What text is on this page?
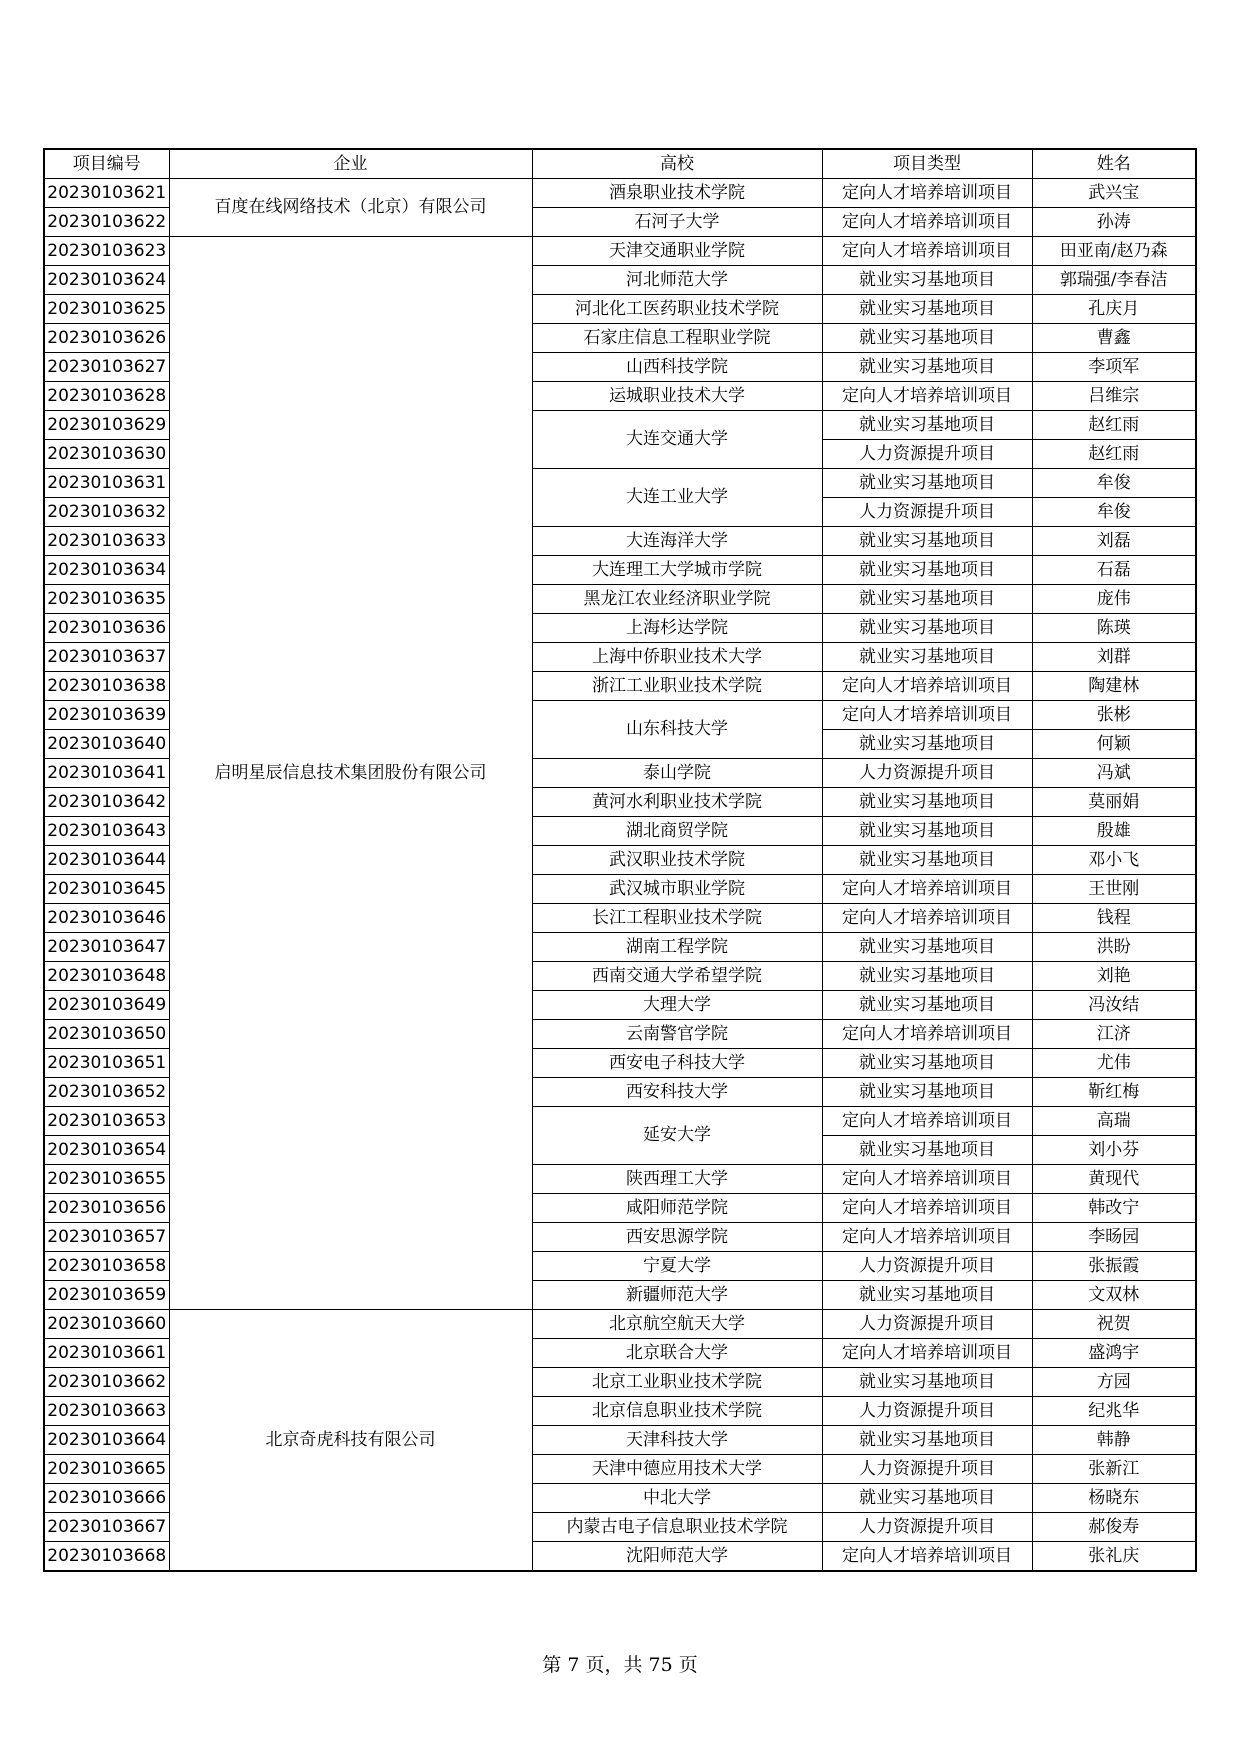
项目编号	企业	高校	项目类型	姓名
20230103621	百度在线网络技术（北京）有限公司	酒泉职业技术学院	定向人才培养培训项目	武兴宝
20230103622		石河子大学	定向人才培养培训项目	孙涛
20230103623	启明星辰信息技术集团股份有限公司	天津交通职业学院	定向人才培养培训项目	田亚南/赵乃森
20230103624		河北师范大学	就业实习基地项目	郭瑞强/李春洁
20230103625		河北化工医药职业技术学院	就业实习基地项目	孔庆月
20230103626		石家庄信息工程职业学院	就业实习基地项目	曹鑫
20230103627		山西科技学院	就业实习基地项目	李项军
20230103628		运城职业技术大学	定向人才培养培训项目	吕维宗
20230103629		大连交通大学	就业实习基地项目	赵红雨
20230103630			人力资源提升项目	赵红雨
20230103631		大连工业大学	就业实习基地项目	牟俊
20230103632			人力资源提升项目	牟俊
20230103633		大连海洋大学	就业实习基地项目	刘磊
20230103634		大连理工大学城市学院	就业实习基地项目	石磊
20230103635		黑龙江农业经济职业学院	就业实习基地项目	庞伟
20230103636		上海杉达学院	就业实习基地项目	陈瑛
20230103637		上海中侨职业技术大学	就业实习基地项目	刘群
20230103638		浙江工业职业技术学院	定向人才培养培训项目	陶建林
20230103639		山东科技大学	定向人才培养培训项目	张彬
20230103640			就业实习基地项目	何颖
20230103641		泰山学院	人力资源提升项目	冯斌
20230103642		黄河水利职业技术学院	就业实习基地项目	莫丽娟
20230103643		湖北商贸学院	就业实习基地项目	殷雄
20230103644		武汉职业技术学院	就业实习基地项目	邓小飞
20230103645		武汉城市职业学院	定向人才培养培训项目	王世刚
20230103646		长江工程职业技术学院	定向人才培养培训项目	钱程
20230103647		湖南工程学院	就业实习基地项目	洪盼
20230103648		西南交通大学希望学院	就业实习基地项目	刘艳
20230103649		大理大学	就业实习基地项目	冯汝结
20230103650		云南警官学院	定向人才培养培训项目	江济
20230103651		西安电子科技大学	就业实习基地项目	尤伟
20230103652		西安科技大学	就业实习基地项目	靳红梅
20230103653		延安大学	定向人才培养培训项目	高瑞
20230103654			就业实习基地项目	刘小芬
20230103655		陕西理工大学	定向人才培养培训项目	黄现代
20230103656		咸阳师范学院	定向人才培养培训项目	韩改宁
20230103657		西安思源学院	定向人才培养培训项目	李旸园
20230103658		宁夏大学	人力资源提升项目	张振霞
20230103659		新疆师范大学	就业实习基地项目	文双林
20230103660	北京奇虎科技有限公司	北京航空航天大学	人力资源提升项目	祝贺
20230103661		北京联合大学	定向人才培养培训项目	盛鸿宇
20230103662		北京工业职业技术学院	就业实习基地项目	方园
20230103663		北京信息职业技术学院	人力资源提升项目	纪兆华
20230103664		天津科技大学	就业实习基地项目	韩静
20230103665		天津中德应用技术大学	人力资源提升项目	张新江
20230103666		中北大学	就业实习基地项目	杨晓东
20230103667		内蒙古电子信息职业技术学院	人力资源提升项目	郝俊寿
20230103668		沈阳师范大学	定向人才培养培训项目	张礼庆
第 7 页，共 75 页
